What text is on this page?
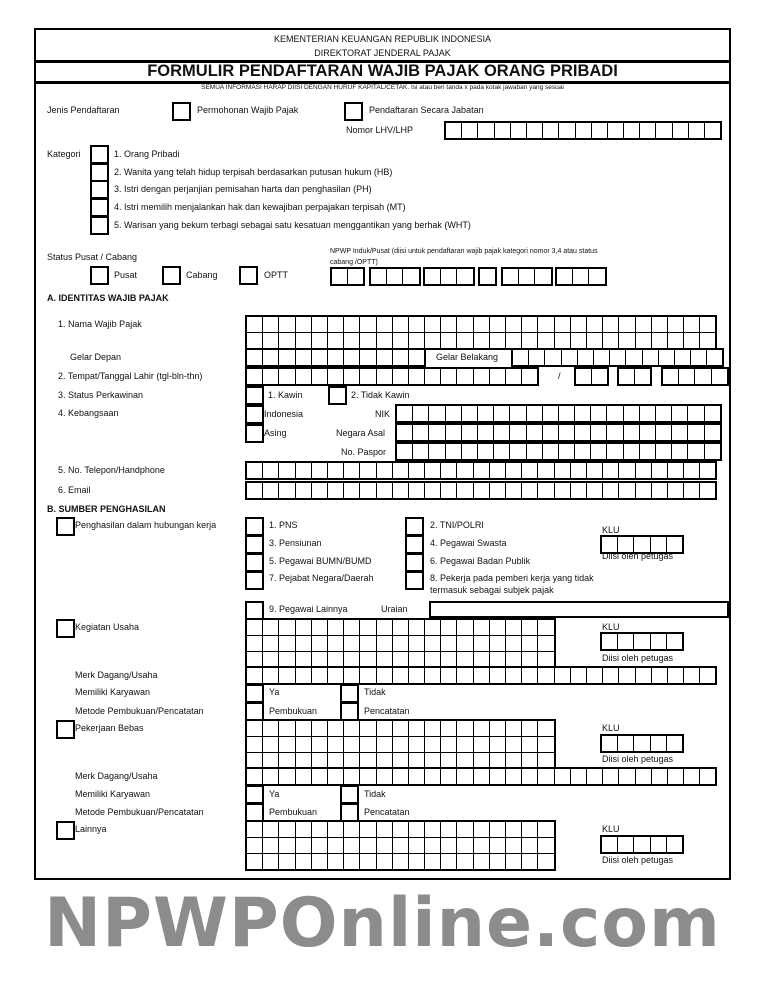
KEMENTERIAN KEUANGAN REPUBLIK INDONESIA
DIREKTORAT JENDERAL PAJAK
FORMULIR PENDAFTARAN WAJIB PAJAK ORANG PRIBADI
SEMUA INFORMASI HARAP DIISI DENGAN HURUF KAPITAL/CETAK. Isi atau beri tanda x pada kotak jawaban yang sesuai
Jenis Pendaftaran	Permohonan Wajib Pajak	Pendaftaran Secara Jabatan
Nomor LHV/LHP
Kategori	1. Orang Pribadi
2. Wanita yang telah hidup terpisah berdasarkan putusan hukum (HB)
3. Istri dengan perjanjian pemisahan harta dan penghasilan (PH)
4. Istri memilih menjalankan hak dan kewajiban perpajakan terpisah (MT)
5. Warisan yang bekum terbagi sebagai satu kesatuan menggantikan yang berhak (WHT)
Status Pusat / Cabang
NPWP Induk/Pusat (diisi untuk pendaftaran wajib pajak kategori nomor 3,4 atau status
cabang /OPTT)
Pusat	Cabang	OPTT
A. IDENTITAS WAJIB PAJAK
1. Nama Wajib Pajak
Gelar Depan	Gelar Belakang
2. Tempat/Tanggal Lahir (tgl-bln-thn)	/
3. Status Perkawinan	1. Kawin	2. Tidak Kawin
4. Kebangsaan	Indonesia	NIK
Asing	Negara Asal
No. Paspor
5. No. Telepon/Handphone
6. Email
B. SUMBER PENGHASILAN
Penghasilan dalam hubungan kerja	1. PNS	2. TNI/POLRI
3. Pensiunan	4. Pegawai Swasta
5. Pegawai BUMN/BUMD	6. Pegawai Badan Publik
7. Pejabat Negara/Daerah	8. Pekerja pada pemberi kerja yang tidak
termasuk sebagai subjek pajak
KLU
Diisi oleh petugas
9. Pegawai Lainnya	Uraian
Kegiatan Usaha	KLU
Diisi oleh petugas
Merk Dagang/Usaha
Memiliki Karyawan	Ya	Tidak
Metode Pembukuan/Pencatatan	Pembukuan	Pencatatan
Pekerjaan Bebas	KLU
Diisi oleh petugas
Merk Dagang/Usaha
Memiliki Karyawan	Ya	Tidak
Metode Pembukuan/Pencatatan	Pembukuan	Pencatatan
Lainnya	KLU
Diisi oleh petugas
NPWPOnline.com
